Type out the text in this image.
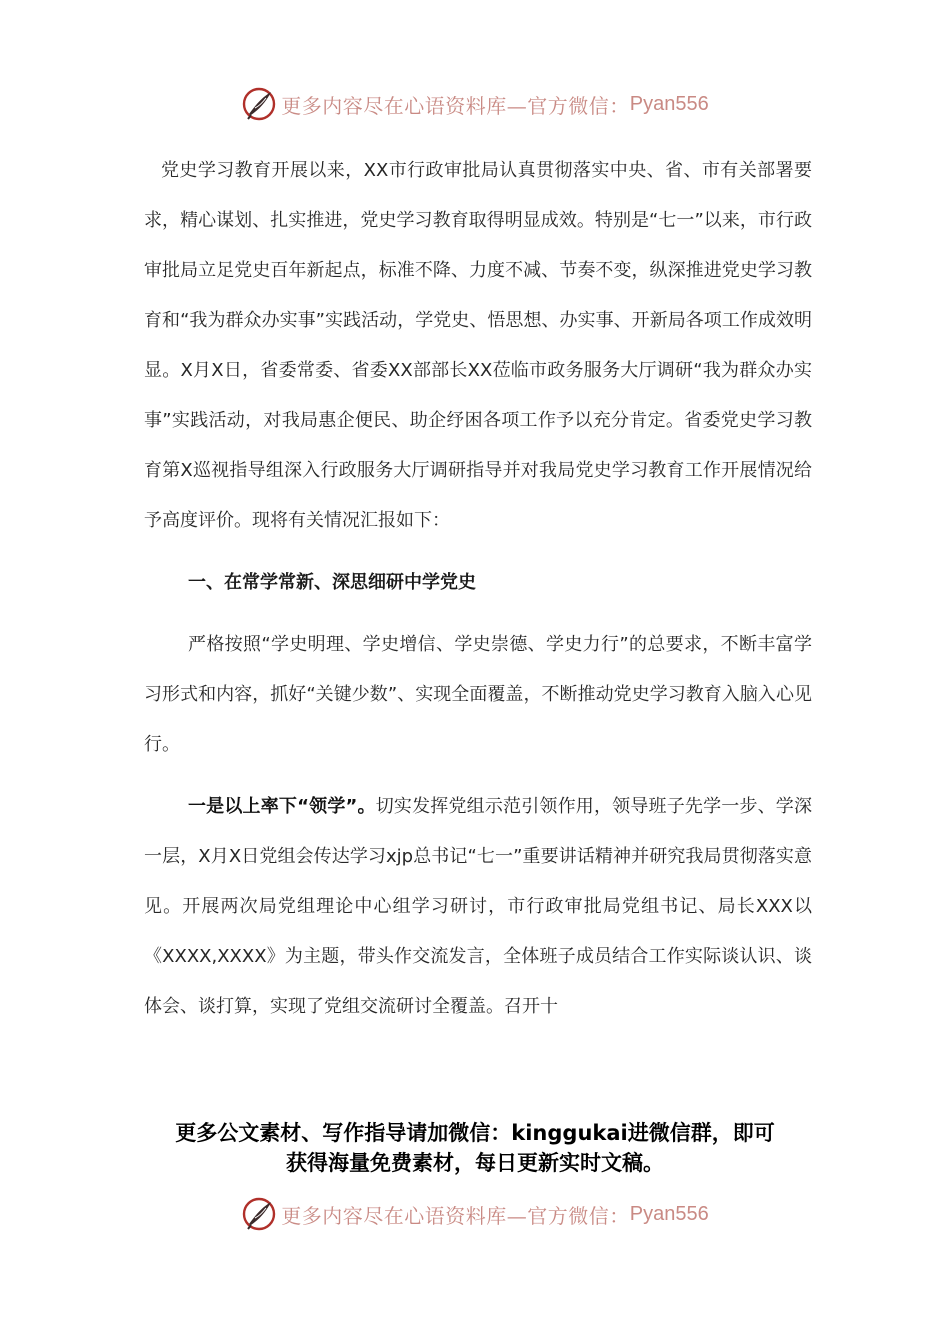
更多内容尽在心语资料库—官方微信： Pyan556

党史学习教育开展以来，XX市行政审批局认真贯彻落实中央、省、市有关部署要求，精心谋划、扎实推进，党史学习教育取得明显成效。特别是“七一”以来，市行政审批局立足党史百年新起点，标准不降、力度不减、节奏不变，纵深推进党史学习教育和“我为群众办实事”实践活动，学党史、悟思想、办实事、开新局各项工作成效明显。X月X日，省委常委、省委XX部部长XX莅临市政务服务大厅调研“我为群众办实事”实践活动，对我局惠企便民、助企纾困各项工作予以充分肯定。省委党史学习教育第X巡视指导组深入行政服务大厅调研指导并对我局党史学习教育工作开展情况给予高度评价。现将有关情况汇报如下：

一、在常学常新、深思细研中学党史

严格按照“学史明理、学史增信、学史崇德、学史力行”的总要求，不断丰富学习形式和内容，抓好“关键少数”、实现全面覆盖，不断推动党史学习教育入脑入心见行。

一是以上率下“领学”。切实发挥党组示范引领作用，领导班子先学一步、学深一层，X月X日党组会传达学习xjp总书记“七一”重要讲话精神并研究我局贯彻落实意见。开展两次局党组理论中心组学习研讨，市行政审批局党组书记、局长XXX以《XXXX,XXXX》为主题，带头作交流发言，全体班子成员结合工作实际谈认识、谈体会、谈打算，实现了党组交流研讨全覆盖。召开十

更多公文素材、写作指导请加微信：kinggukai进微信群，即可
获得海量免费素材，每日更新实时文稿。
更多内容尽在心语资料库—官方微信： Pyan556
